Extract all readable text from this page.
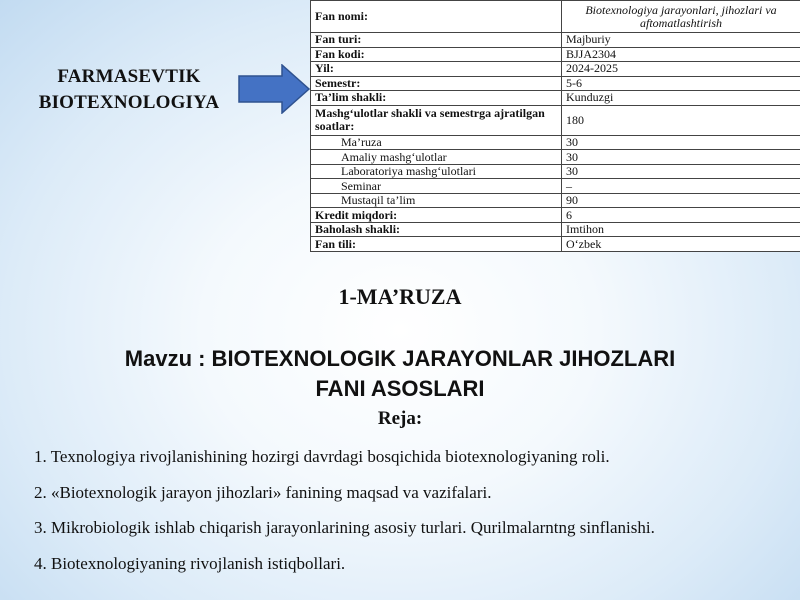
FARMASEVTIK
BIOTEXNOLOGIYA
Fan nomi:	Biotexnologiya jarayonlari, jihozlari va aftomatlashtirish
Fan turi:	Majburiy
Fan kodi:	BJJA2304
Yil:	2024-2025
Semestr:	5-6
Ta’lim shakli:	Kunduzgi
Mashg‘ulotlar shakli va semestrga ajratilgan soatlar:	180
Ma’ruza	30
Amaliy mashg‘ulotlar	30
Laboratoriya mashg‘ulotlari	30
Seminar	–
Mustaqil ta’lim	90
Kredit miqdori:	6
Baholash shakli:	Imtihon
Fan tili:	O‘zbek
1-MA’RUZA
Mavzu : BIOTEXNOLOGIK JARAYONLAR JIHOZLARI
FANI ASOSLARI
Reja:
1. Texnologiya rivojlanishining hozirgi davrdagi bosqichida biotexnologiyaning roli.
2. «Biotexnologik jarayon jihozlari» fanining maqsad va vazifalari.
3. Mikrobiologik ishlab chiqarish jarayonlarining asosiy turlari. Qurilmalarntng sinflanishi.
4. Biotexnologiyaning rivojlanish istiqbollari.
